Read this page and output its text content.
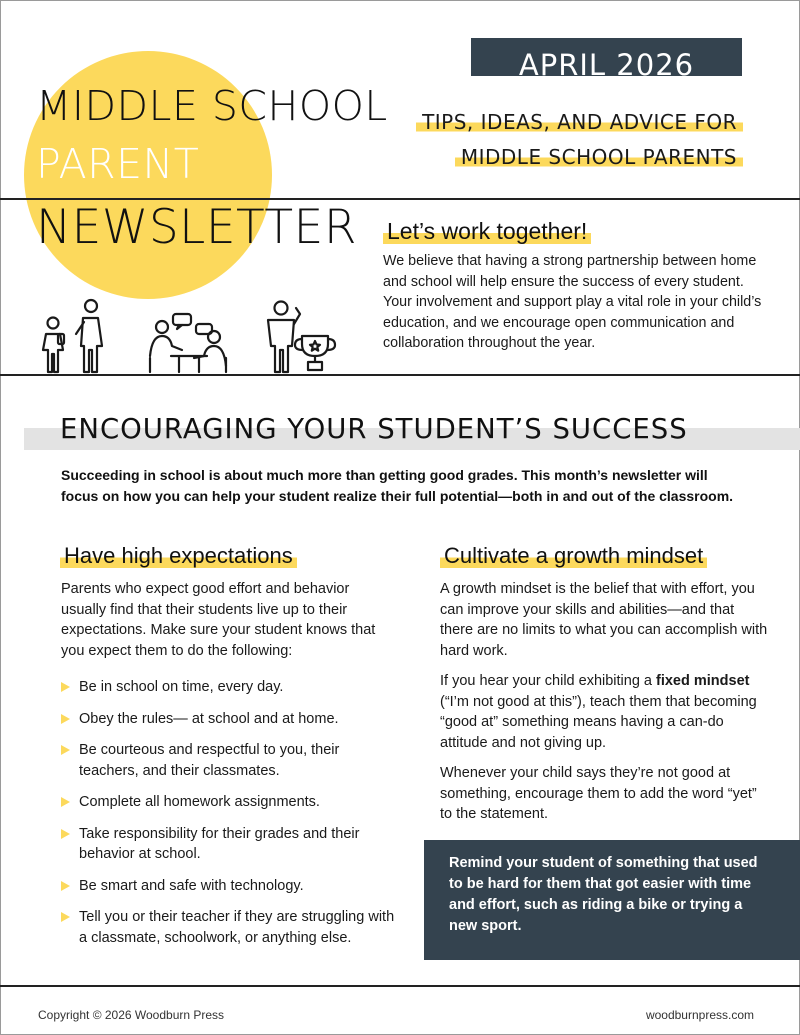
MIDDLE SCHOOL
PARENT
NEWSLETTER
APRIL 2026
TIPS, IDEAS, AND ADVICE FOR
MIDDLE SCHOOL PARENTS
Let’s work together!
We believe that having a strong partnership between home and school will help ensure the success of every student. Your involvement and support play a vital role in your child’s education, and we encourage open communication and collaboration throughout the year.
ENCOURAGING YOUR STUDENT’S SUCCESS
Succeeding in school is about much more than getting good grades. This month’s newsletter will focus on how you can help your student realize their full potential—both in and out of the classroom.
Have high expectations

Parents who expect good effort and behavior usually find that their students live up to their expectations. Make sure your student knows that you expect them to do the following:

Be in school on time, every day.
Obey the rules— at school and at home.
Be courteous and respectful to you, their teachers, and their classmates.
Complete all homework assignments.
Take responsibility for their grades and their behavior at school.
Be smart and safe with technology.
Tell you or their teacher if they are struggling with a classmate, schoolwork, or anything else.
Cultivate a growth mindset

A growth mindset is the belief that with effort, you can improve your skills and abilities—and that there are no limits to what you can accomplish with hard work.

If you hear your child exhibiting a fixed mindset (“I’m not good at this”), teach them that becoming “good at” something means having a can-do attitude and not giving up.

Whenever your child says they’re not good at something, encourage them to add the word “yet” to the statement.

Remind your student of something that used to be hard for them that got easier with time and effort, such as riding a bike or trying a new sport.
Copyright © 2026 Woodburn Press	woodburnpress.com
